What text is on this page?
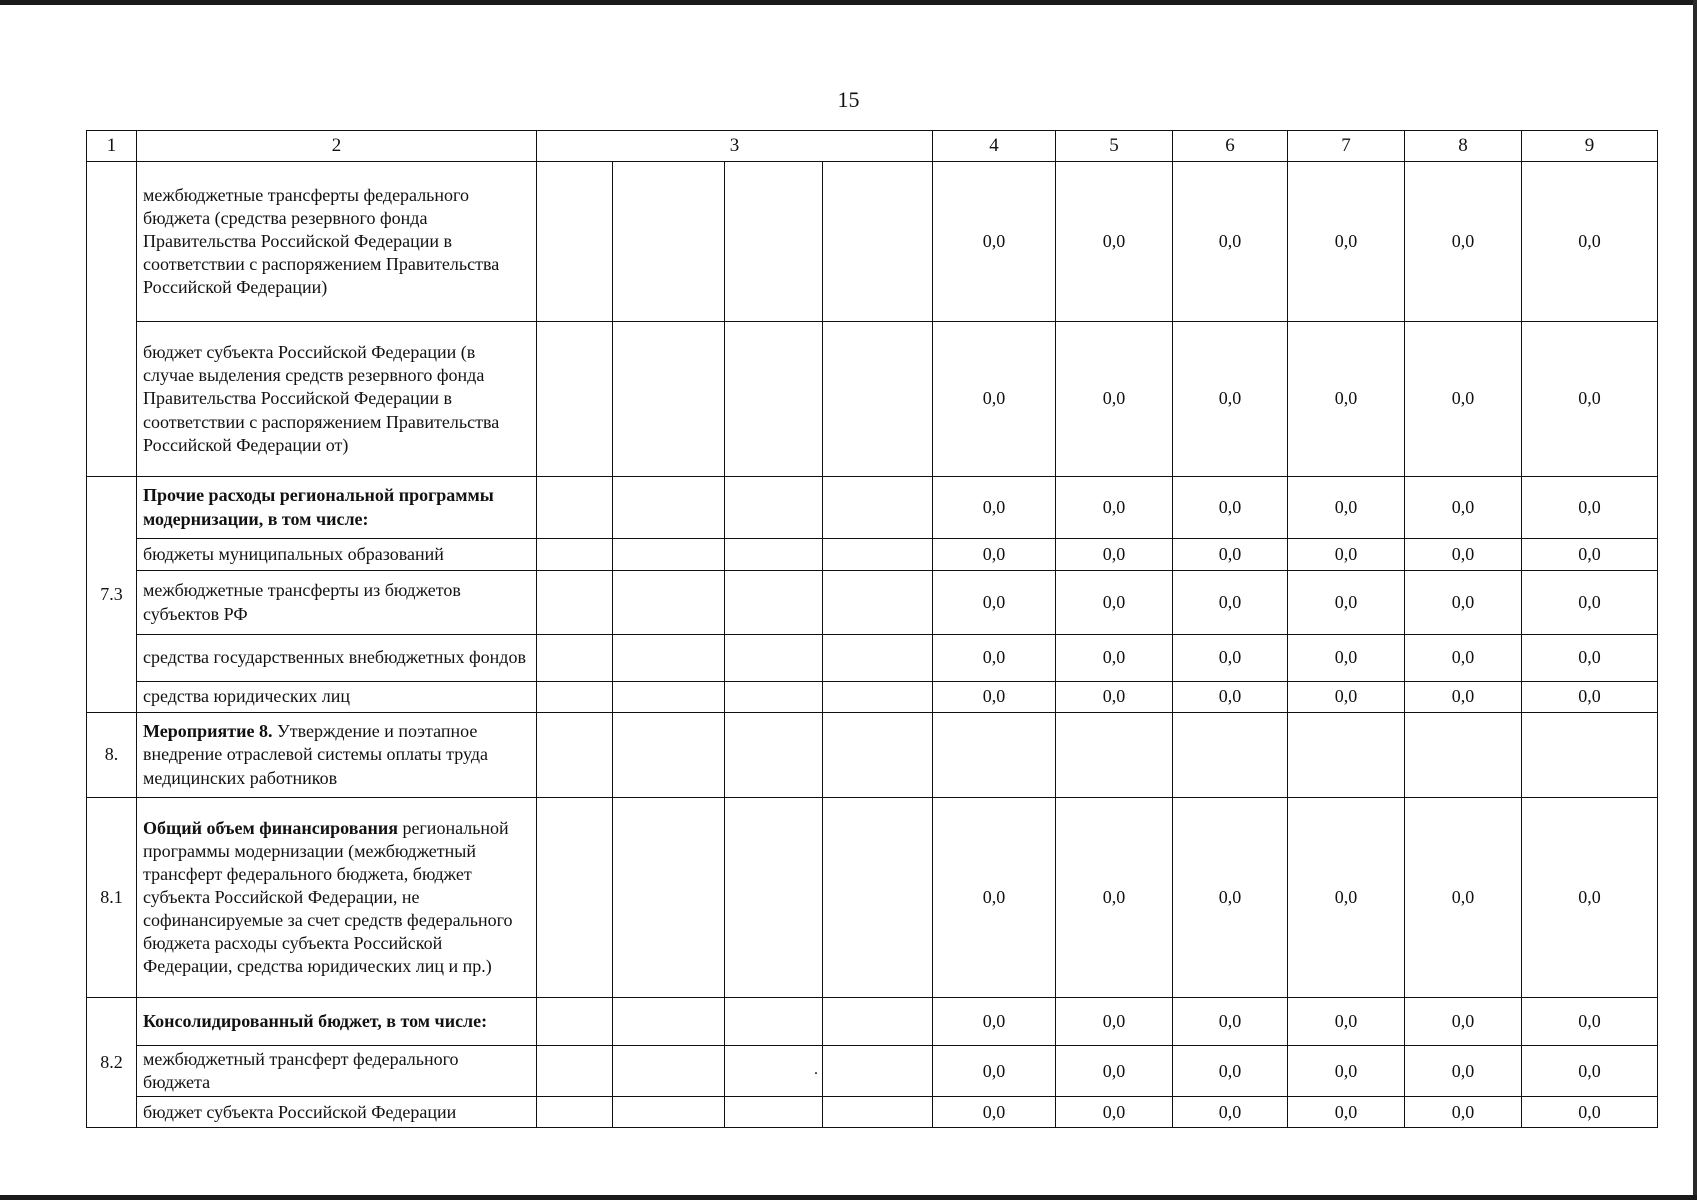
15
1	2	3				4	5	6	7	8	9
	межбюджетные трансферты федерального бюджета (средства резервного фонда Правительства Российской Федерации в соответствии с распоряжением Правительства Российской Федерации)					0,0	0,0	0,0	0,0	0,0	0,0
	бюджет субъекта Российской Федерации (в случае выделения средств резервного фонда Правительства Российской Федерации в соответствии с распоряжением Правительства Российской Федерации от)					0,0	0,0	0,0	0,0	0,0	0,0
7.3	Прочие расходы региональной программы модернизации, в том числе:					0,0	0,0	0,0	0,0	0,0	0,0
	бюджеты муниципальных образований					0,0	0,0	0,0	0,0	0,0	0,0
	межбюджетные трансферты из бюджетов субъектов РФ					0,0	0,0	0,0	0,0	0,0	0,0
	средства государственных внебюджетных фондов					0,0	0,0	0,0	0,0	0,0	0,0
	средства юридических лиц					0,0	0,0	0,0	0,0	0,0	0,0
8.	Мероприятие 8. Утверждение и поэтапное внедрение отраслевой системы оплаты труда медицинских работников										
8.1	Общий объем финансирования региональной программы модернизации (межбюджетный трансферт федерального бюджета, бюджет субъекта Российской Федерации, не софинансируемые за счет средств федерального бюджета расходы субъекта Российской Федерации, средства юридических лиц и пр.)					0,0	0,0	0,0	0,0	0,0	0,0
8.2	Консолидированный бюджет, в том числе:					0,0	0,0	0,0	0,0	0,0	0,0
	межбюджетный трансферт федерального бюджета			.		0,0	0,0	0,0	0,0	0,0	0,0
	бюджет субъекта Российской Федерации					0,0	0,0	0,0	0,0	0,0	0,0
